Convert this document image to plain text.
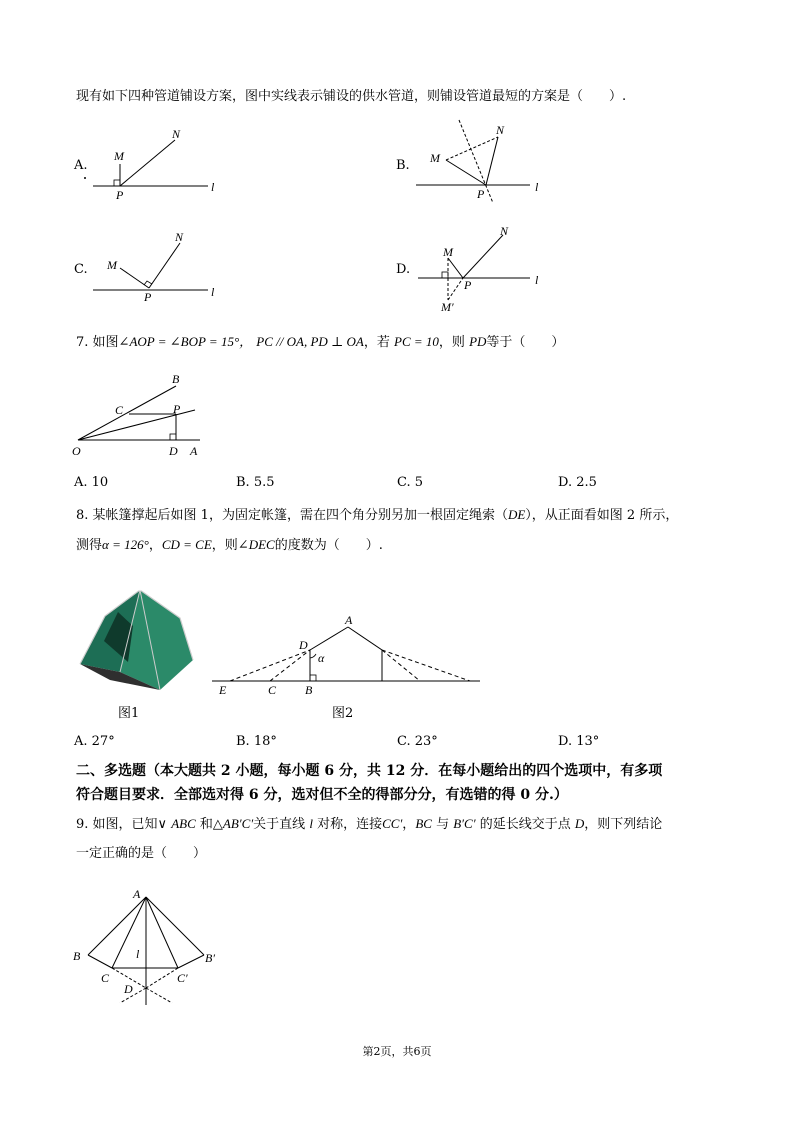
现有如下四种管道铺设方案，图中实线表示铺设的供水管道，则铺设管道最短的方案是（　　）.
A.
M
N
P
l
B. M
N
P	l
C. M
N
P	l
D.
M
N
P	l
M′
7. 如图∠AOP = ∠BOP = 15°， PC // OA, PD ⊥ OA，若 PC = 10，则 PD等于（　　）
O	A
B
C	P
D
A. 10	B. 5.5	C. 5	D. 2.5
8. 某帐篷撑起后如图 1，为固定帐篷，需在四个角分别另加一根固定绳索（DE），从正面看如图 2 所示，
测得α = 126°，CD = CE，则∠DEC的度数为（　　）.
A
D
α
E	C B
图1	图2
A. 27°	B. 18°	C. 23°	D. 13°
二、多选题（本大题共 2 小题，每小题 6 分，共 12 分．在每小题给出的四个选项中，有多项
符合题目要求．全部选对得 6 分，选对但不全的得部分分，有选错的得 0 分.）
9. 如图，已知∨ ABC 和△AB′C′关于直线 l 对称，连接CC′，BC 与 B′C′ 的延长线交于点 D，则下列结论
一定正确的是（　　）
A
B	B′
C	C′
D
l
第2页，共6页
